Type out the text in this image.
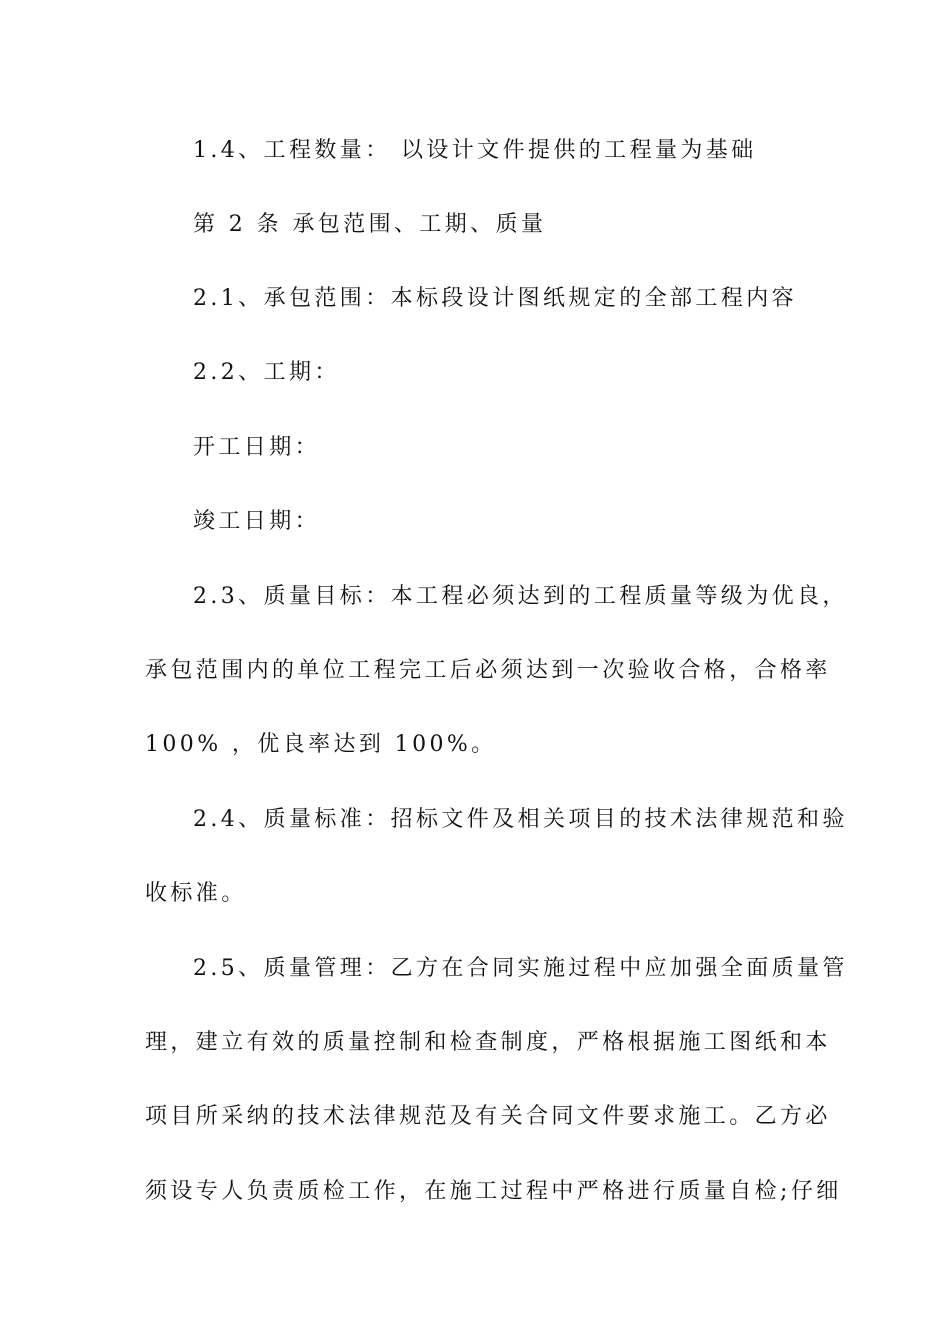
1.4、工程数量： 以设计文件提供的工程量为基础
第 2 条 承包范围、工期、质量
2.1、承包范围：本标段设计图纸规定的全部工程内容
2.2、工期：
开工日期：
竣工日期：
2.3、质量目标：本工程必须达到的工程质量等级为优良，
承包范围内的单位工程完工后必须达到一次验收合格，合格率
100% ，优良率达到 100%。
2.4、质量标准：招标文件及相关项目的技术法律规范和验
收标准。
2.5、质量管理：乙方在合同实施过程中应加强全面质量管
理，建立有效的质量控制和检查制度，严格根据施工图纸和本
项目所采纳的技术法律规范及有关合同文件要求施工。乙方必
须设专人负责质检工作，在施工过程中严格进行质量自检;仔细
